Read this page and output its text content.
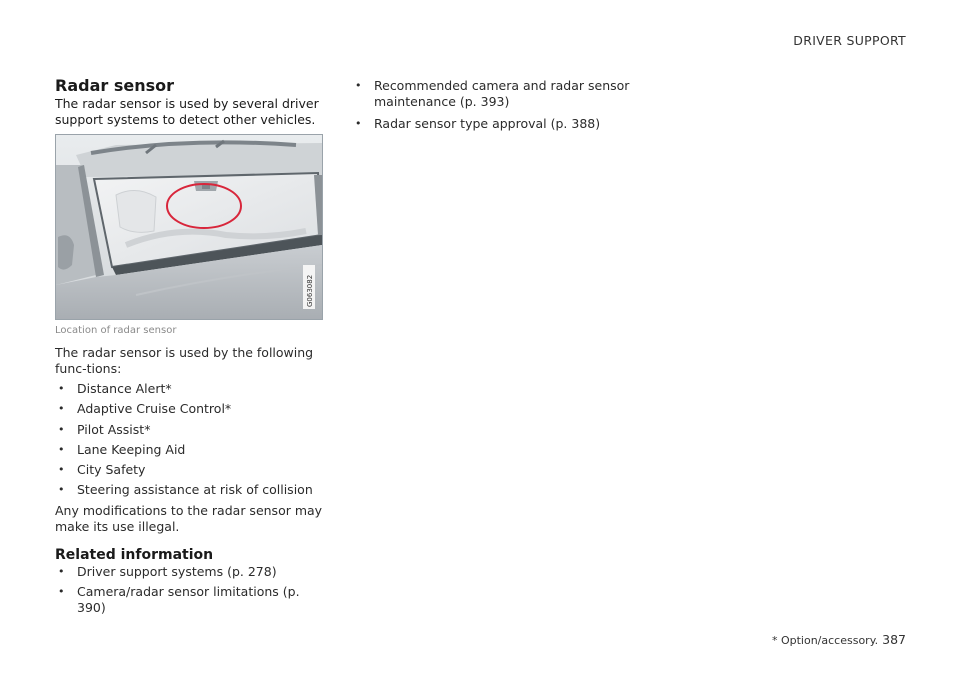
DRIVER SUPPORT
Radar sensor

The radar sensor is used by several driver support systems to detect other vehicles.

G063082
Location of radar sensor

The radar sensor is used by the following func-tions:

• Distance Alert*
• Adaptive Cruise Control*
• Pilot Assist*
• Lane Keeping Aid
• City Safety
• Steering assistance at risk of collision

Any modifications to the radar sensor may make its use illegal.

Related information
• Driver support systems (p. 278)
• Camera/radar sensor limitations (p. 390)
• Recommended camera and radar sensor maintenance (p. 393)
• Radar sensor type approval (p. 388)
* Option/accessory. 387
